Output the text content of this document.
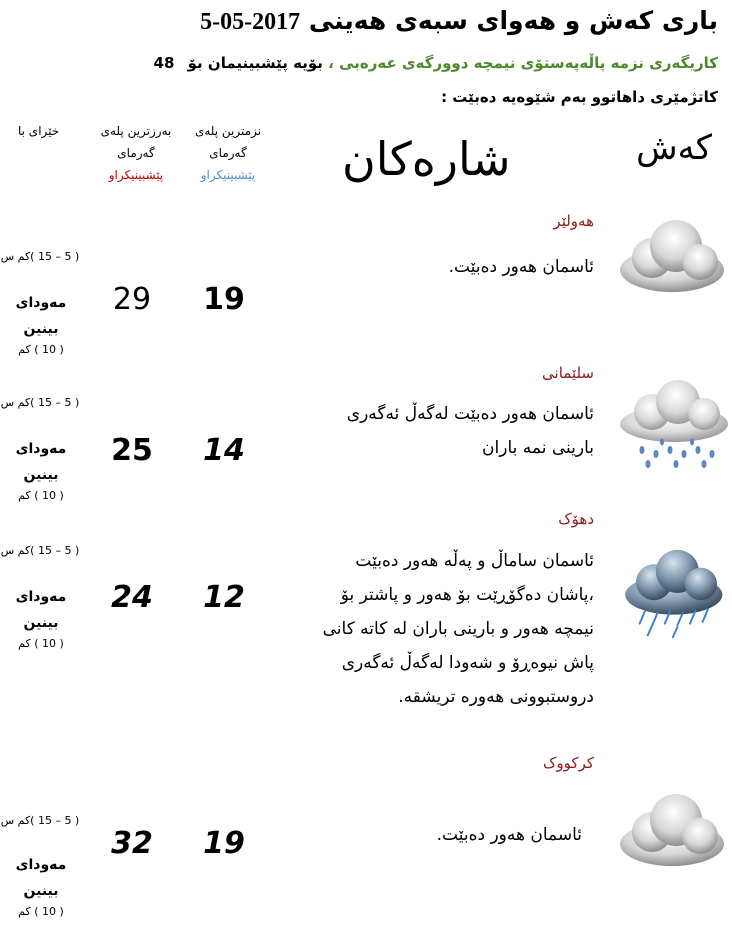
باری کەش و هەوای سبەی هەینی 2017-05-5
کاریگەری نزمە پاڵەپەستۆی نیمچە دوورگەی عەرەبی ، بۆیە پێشبینیمان بۆ 48
کاتژمێری داهاتوو بەم شێوەیە دەبێت :
کەش
شارەکان
نزمترین پلەی
گەرمای
پێشبینیکراو
بەرزترین پلەی
گەرمای
پێشبینیکراو
خێرای با
هەولێر
ئاسمان هەور دەبێت.
19
29
( 5 – 15 )کم س
مەودای
بینین
( 10 ) کم
سلێمانی
ئاسمان هەور دەبێت لەگەڵ ئەگەری
بارینی نمە باران
14
25
( 5 – 15 )کم س
مەودای
بینین
( 10 ) کم
دهۆک
ئاسمان ساماڵ و پەڵە هەور دەبێت
،پاشان دەگۆڕێت بۆ هەور و پاشتر بۆ
نیمچە هەور و بارینی باران لە کاتە کانی
پاش نیوەڕۆ و شەودا لەگەڵ ئەگەری
دروستبوونی هەورە تریشقە.
12
24
( 5 – 15 )کم س
مەودای
بینین
( 10 ) کم
کرکووک
ئاسمان هەور دەبێت.
19
32
( 5 – 15 )کم س
مەودای
بینین
( 10 ) کم
